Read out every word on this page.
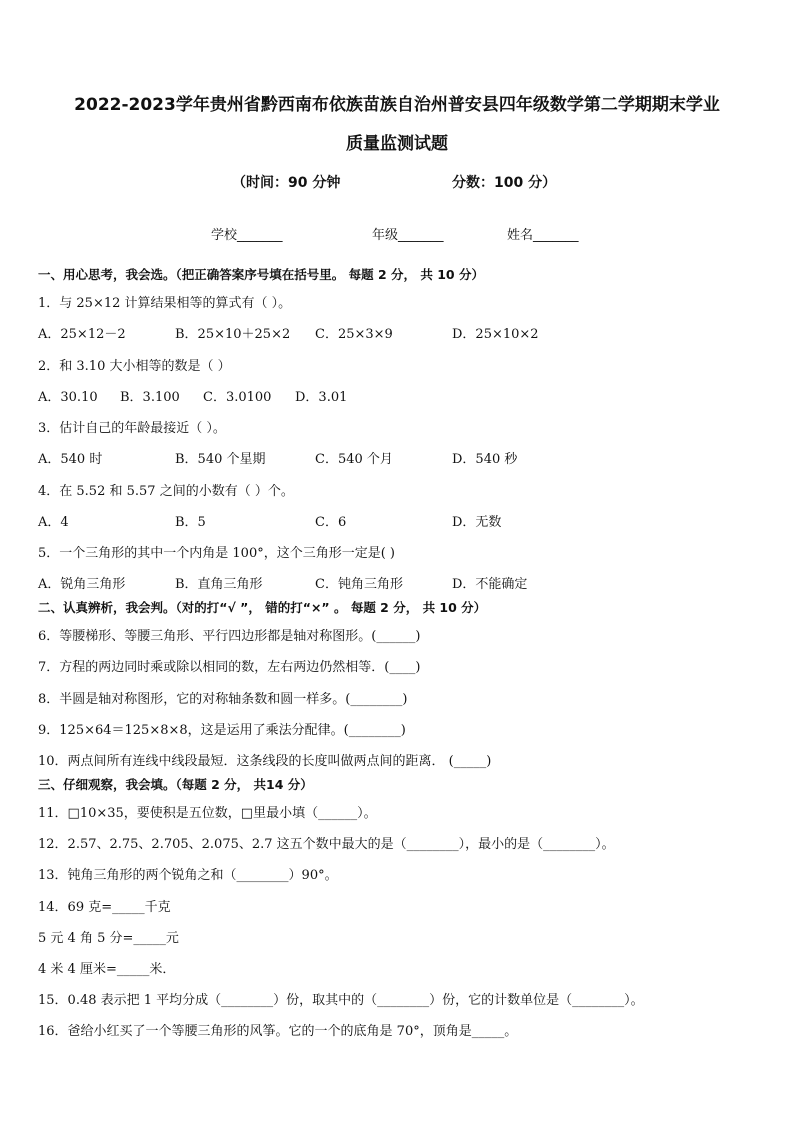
2022-2023学年贵州省黔西南布依族苗族自治州普安县四年级数学第二学期期末学业
质量监测试题
（时间：90 分钟	分数：100 分）
学校_______	年级_______	姓名_______
一、用心思考，我会选。（把正确答案序号填在括号里。 每题 2 分， 共 10 分）
1．与 25×12 计算结果相等的算式有（ ）。
A．25×12－2	B．25×10＋25×2 C．25×3×9	D．25×10×2
2．和 3.10 大小相等的数是（ ）
A．30.10 B．3.100 C．3.0100 D．3.01
3．估计自己的年龄最接近（ ）。
A．540 时	B．540 个星期	C．540 个月	D．540 秒
4．在 5.52 和 5.57 之间的小数有（ ）个。
A．4	B．5	C．6	D．无数
5．一个三角形的其中一个内角是 100°，这个三角形一定是( )
A．锐角三角形	B．直角三角形	C．钝角三角形	D．不能确定
二、认真辨析，我会判。（对的打“√ ”， 错的打“×” 。 每题 2 分， 共 10 分）
6．等腰梯形、等腰三角形、平行四边形都是轴对称图形。(______)
7．方程的两边同时乘或除以相同的数，左右两边仍然相等．(____)
8．半圆是轴对称图形，它的对称轴条数和圆一样多。(________)
9．125×64＝125×8×8，这是运用了乘法分配律。(________)
10．两点间所有连线中线段最短．这条线段的长度叫做两点间的距离． (_____)
三、仔细观察，我会填。（每题 2 分， 共14 分）
11．□10×35，要使积是五位数，□里最小填（______）。
12．2.57、2.75、2.705、2.075、2.7 这五个数中最大的是（________），最小的是（________）。
13．钝角三角形的两个锐角之和（________）90°。
14．69 克=_____千克
5 元 4 角 5 分=_____元
4 米 4 厘米=_____米．
15．0.48 表示把 1 平均分成（________）份，取其中的（________）份，它的计数单位是（________）。
16．爸给小红买了一个等腰三角形的风筝。它的一个的底角是 70°，顶角是_____。
